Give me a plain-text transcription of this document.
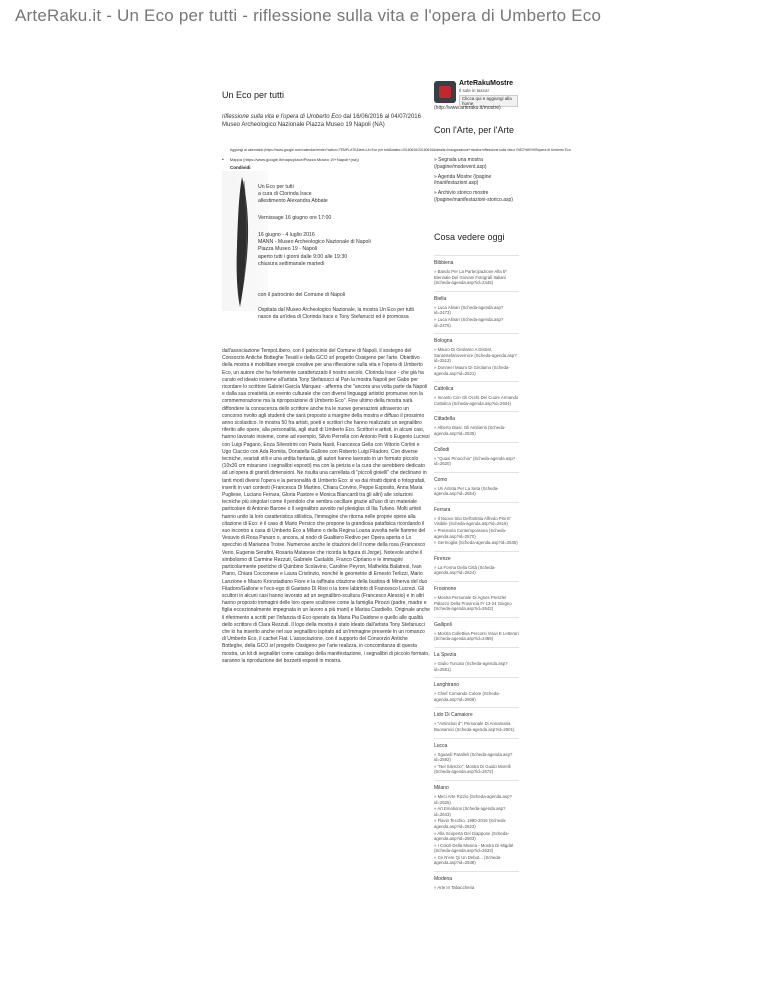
ArteRaku.it - Un Eco per tutti - riflessione sulla vita e l'opera di Umberto Eco
Un Eco per tutti
riflessione sulla vita e l'opera di Umberto Eco dal 16/06/2016 al 04/07/2016
Museo Archeologico Nazionale Piazza Museo 19 Napoli (NA)
ArteRakuMostre
Il sole in tasca!
Clicca qui e aggiungi alla home
(http://www.arteraku.it/mostre)
Con l'Arte, per l'Arte
Aggiungi al calendario (https://www.google.com/calendar/render?action=TEMPLATE&text=Un Eco per tutti&dates=20160616/20160616&details=Inaugurazione+mostra+riflessione sulla vita e l%E2%80%99opera di Umberto Eco
• Mappa (https://www.google.it/maps/place/Piazza Museo 19+Napoli+(na))
Condividi
Un Eco per tutti
a cura di Clorinda Irace
allestimento Alexandra Abbate
Vernissage 16 giugno ore 17:00
16 giugno - 4 luglio 2016
MANN - Museo Archeologico Nazionale di Napoli
Piazza Museo 19 - Napoli
aperto tutti i giorni dalle 9:00 alle 19:30
chiusura settimanale martedì
con il patrocinio del Comune di Napoli
Ospitata dal Museo Archeologico Nazionale, la mostra Un Eco per tutti nasce da un'idea di Clorinda Irace e Tony Stefanucci ed è promossa
dall'associazione TempoLibero, con il patrocinio del Comune di Napoli, il sostegno del Consorzio Antiche Botteghe Tessili e della GCO srl progetto Ossigeno per l'arte. Obiettivo della mostra è mobilitare energie creative per una riflessione sulla vita e l'opera di Umberto Eco, un autore che ha fortemente caratterizzato il nostro secolo. Clorinda Irace - che già ha curato ed ideato insieme all'artista Tony Stefanucci al Pan la mostra Napoli per Gabo per ricordare lo scrittore Gabriel García Márquez - afferma che "ancora una volta parte da Napoli e dalla sua creatività un evento culturale che con diversi linguaggi artistici promuove non la commemorazione ma la riproposizione di Umberto Eco". Fine ultimo della mostra sarà diffondere la conoscenza dello scrittore anche tra le nuove generazioni attraverso un concorso rivolto agli studenti che sarà proposto a margine della mostra e diffuso il prossimo anno scolastico. In mostra 50 fra artisti, poeti e scrittori che hanno realizzato un segnalibro riferito alle opere, alla personalità, agli studi di Umberto Eco. Scrittori e artisti, in alcuni casi, hanno lavorato insieme, come ad esempio, Silvio Perrella con Antonio Petti o Eugenio Lucrezi con Luigi Pagano, Enza Silvestrini con Paola Nasti, Francesca Gella con Vittorio Cortini e Ugo Ciaccio con Ada Romita, Donatella Gallone con Roberto Luigi Filadoro. Con diverse tecniche, svariati stili e una ardita fantasia, gli autori hanno lavorato in un formato piccolo (10x30 cm misurano i segnalibri esposti) ma con la perizia e la cura che avrebbero dedicato ad un'opera di grandi dimensioni. Ne risulta una carrellata di "piccoli gioielli" che declinano in tanti modi diversi l'opera e la personalità di Umberto Eco: si va dai ritratti dipinti o fotografati, inseriti in vari contesti (Francesca Di Martino, Chiara Corvino, Peppe Esposito, Anna Maria Pugliese, Luciano Ferrara, Gloria Pastore e Monica Biancardi tra gli altri) alle soluzioni tecniche più singolari come il pendolo che sembra oscillare grazie all'uso di un materiale particolare di Antonio Barone o il segnalibro avvolto nel plexiglas di Ilia Tufano. Molti artisti hanno unito la loro caratteristica stilistica, l'immagine che ritorna nelle proprie opere alla citazione di Eco: è il caso di Mario Persico che propone la grandiosa patafisica ricordando il suo incontro a casa di Umberto Eco a Milano o della Regina Loana avvolta nelle fiamme del Vesuvio di Rosa Panaro o, ancora, al nodo di Gualtiero Redivo per Opera aperta o Lo specchio di Marianna Troise. Numerose anche le citazioni del Il nome della rosa (Francesco Verio, Eugenia Serafini, Rosaria Matarese che ricorda la figura di Jorge). Notevole anche il simbolismo di Carmine Rezzuti, Gabriele Castaldo, Franco Cipriano e le immagini particolarmente poetiche di Quinbino Scolavino, Caroline Peyron, Mathelda Balatresi, Ivan Piano, Chiara Cocconese e Laura Cristinzio, nonché le geometrie di Ernesto Terlizzi, Mario Lanzione e Mauro Kronstadiano Fiore e la raffinata citazione della bustina di Minerva del duo Filadoro/Gallone e l'eco-ego di Gaetano Di Riso o la torre labirinto di Francesco Lucrezi. Gli scultori in alcuni casi hanno lavorato ad un segnalibro-scultura (Francesco Alessio) e in altri hanno proposto immagini delle loro opere scultoree come la famiglia Pirozzi (padre, madre e figlia eccezionalmente impegnata in un lavoro a più mani) e Marisa Ciardiello. Originale anche il riferimento a scritti per l'infanzia di Eco operato da Maria Pia Daidone e quello alle qualità dello scrittore di Clara Rezzuti. Il logo della mostra è stato ideato dall'artista Tony Stefanucci che lo ha inserito anche nel suo segnalibro ispirato ad un'immagine presente in un romanzo di Umberto Eco, il cachet Fiat. L'associazione, con il supporto del Consorzio Antiche Botteghe, della GCO srl progetto Ossigeno per l'arte realizza, in concomitanza di questa mostra, un kit di segnalibri come catalogo della manifestazione, i segnalibri di piccolo formato, saranno la riproduzione dei bozzetti esposti in mostra.
» Segnala una mostra (/pagine/modevent.asp)
» Agenda Mostre (/pagine /manifestazioni.asp)
» Archivio storico mostre (/pagine/manifestazioni-storico.asp)
Cosa vedere oggi
Bibbiena
» Bando Per La Partecipazione Alla 5^ Biennale Dei Giovani Fotografi Italiani (Scheda-agenda.asp?id=2445)
Biella
» Luca Alinari (Scheda-agenda.asp?id=2473)
» Luca Alinari (Scheda-agenda.asp?id=2476)
Bologna
» Mauro Di Girolamo A Distrat, Santostefanovernice (Scheda-agenda.asp?id=2513)
» Donnee! Mauro Di Girolamo (Scheda-agenda.asp?id=2521)
Cattolica
» Incanto Con Gli Occhi Del Cuore Armando Cattolica (Scheda-agenda.asp?id=2604)
Cittadella
» Alberto Biasi: Gli Ambienti (Scheda-agenda.asp?id=2535)
Collodi
» "Quasi Pinocchio" (Scheda-agenda.asp?id=2620)
Como
» Un Artista Per La Seta (Scheda-agenda.asp?id=2654)
Ferrara
» Il Nuovo Sito Dell'artista Alfredo Pini E' Visibile (Scheda-agenda.asp?id=2616)
» Preistoria Contemporanea (Scheda-agenda.asp?id=2570)
» Germoglia (Scheda-agenda.asp?id=2535)
Firenze
» La Forma Della Città (Scheda-agenda.asp?id=2624)
Frosinone
» Mostra Personale Di Agnes Preszler Palazzo Della Provincia Fr 13-24 Giugno (Scheda-agenda.asp?id=2642)
Gallipoli
» Mostra Collettiva Percorsi Visivi E Letterari (Scheda-agenda.asp?id=2469)
La Spezia
» Giulio Turcato (Scheda-agenda.asp?id=2551)
Langhirano
» Chief Comando Colore (Scheda-agenda.asp?id=2609)
Lido Di Camaiore
» "Antincluti d": Personale Di Annamaria Buonamici (Scheda-agenda.asp?id=2601)
Lucca
» Sguardi Paralleli (Scheda-agenda.asp?id=2592)
» "Nel Silenzio": Mostra Di Guido Morelli (Scheda-agenda.asp?id=2572)
Milano
» Mirci Arte Rizzio (Scheda-agenda.asp?id=2625)
» Art Emotions (Scheda-agenda.asp?id=2643)
» Flavio Tecchio, 1980-2016 (Scheda-agenda.asp?id=2623)
» Alla Scoperta Del Giappone (Scheda-agenda.asp?id=2503)
» I Colori Della Musica - Mostra Di Migdal (Scheda-agenda.asp?id=2633)
» Ce N'ere Qi Un Debut... (Scheda-agenda.asp?id=2538)
Modena
» Arte In Tabaccheria
